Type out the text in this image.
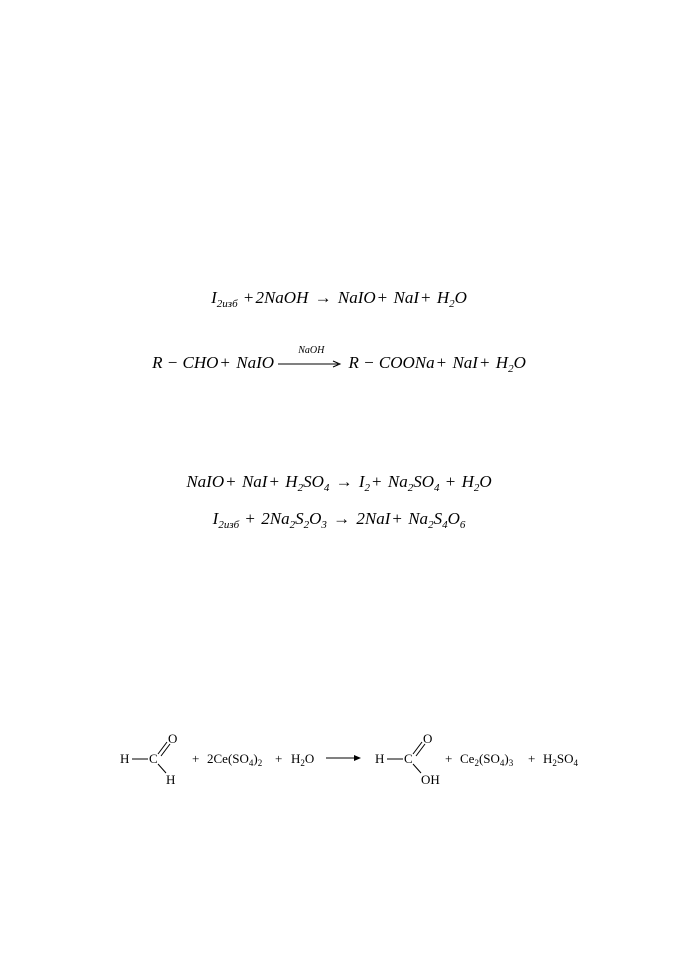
$I_{2изб}$ + 2NaOH → NaIO + NaI + $H_2O$
R − CHO + NaIO
NaOH
R − COONa + NaI + $H_2O$
NaIO + NaI + $H_2SO_4 \to I_2 + Na_2SO_4 + H_2O$
$I_{2изб} + 2Na_2S_2O_3 \to 2NaI + Na_2S_4O_6$
H C
O
H
+ $2Ce(SO_4)_2 + H_2O$	H C
O
OH
+ $Ce_2(SO_4)_3 + H_2SO_4$
